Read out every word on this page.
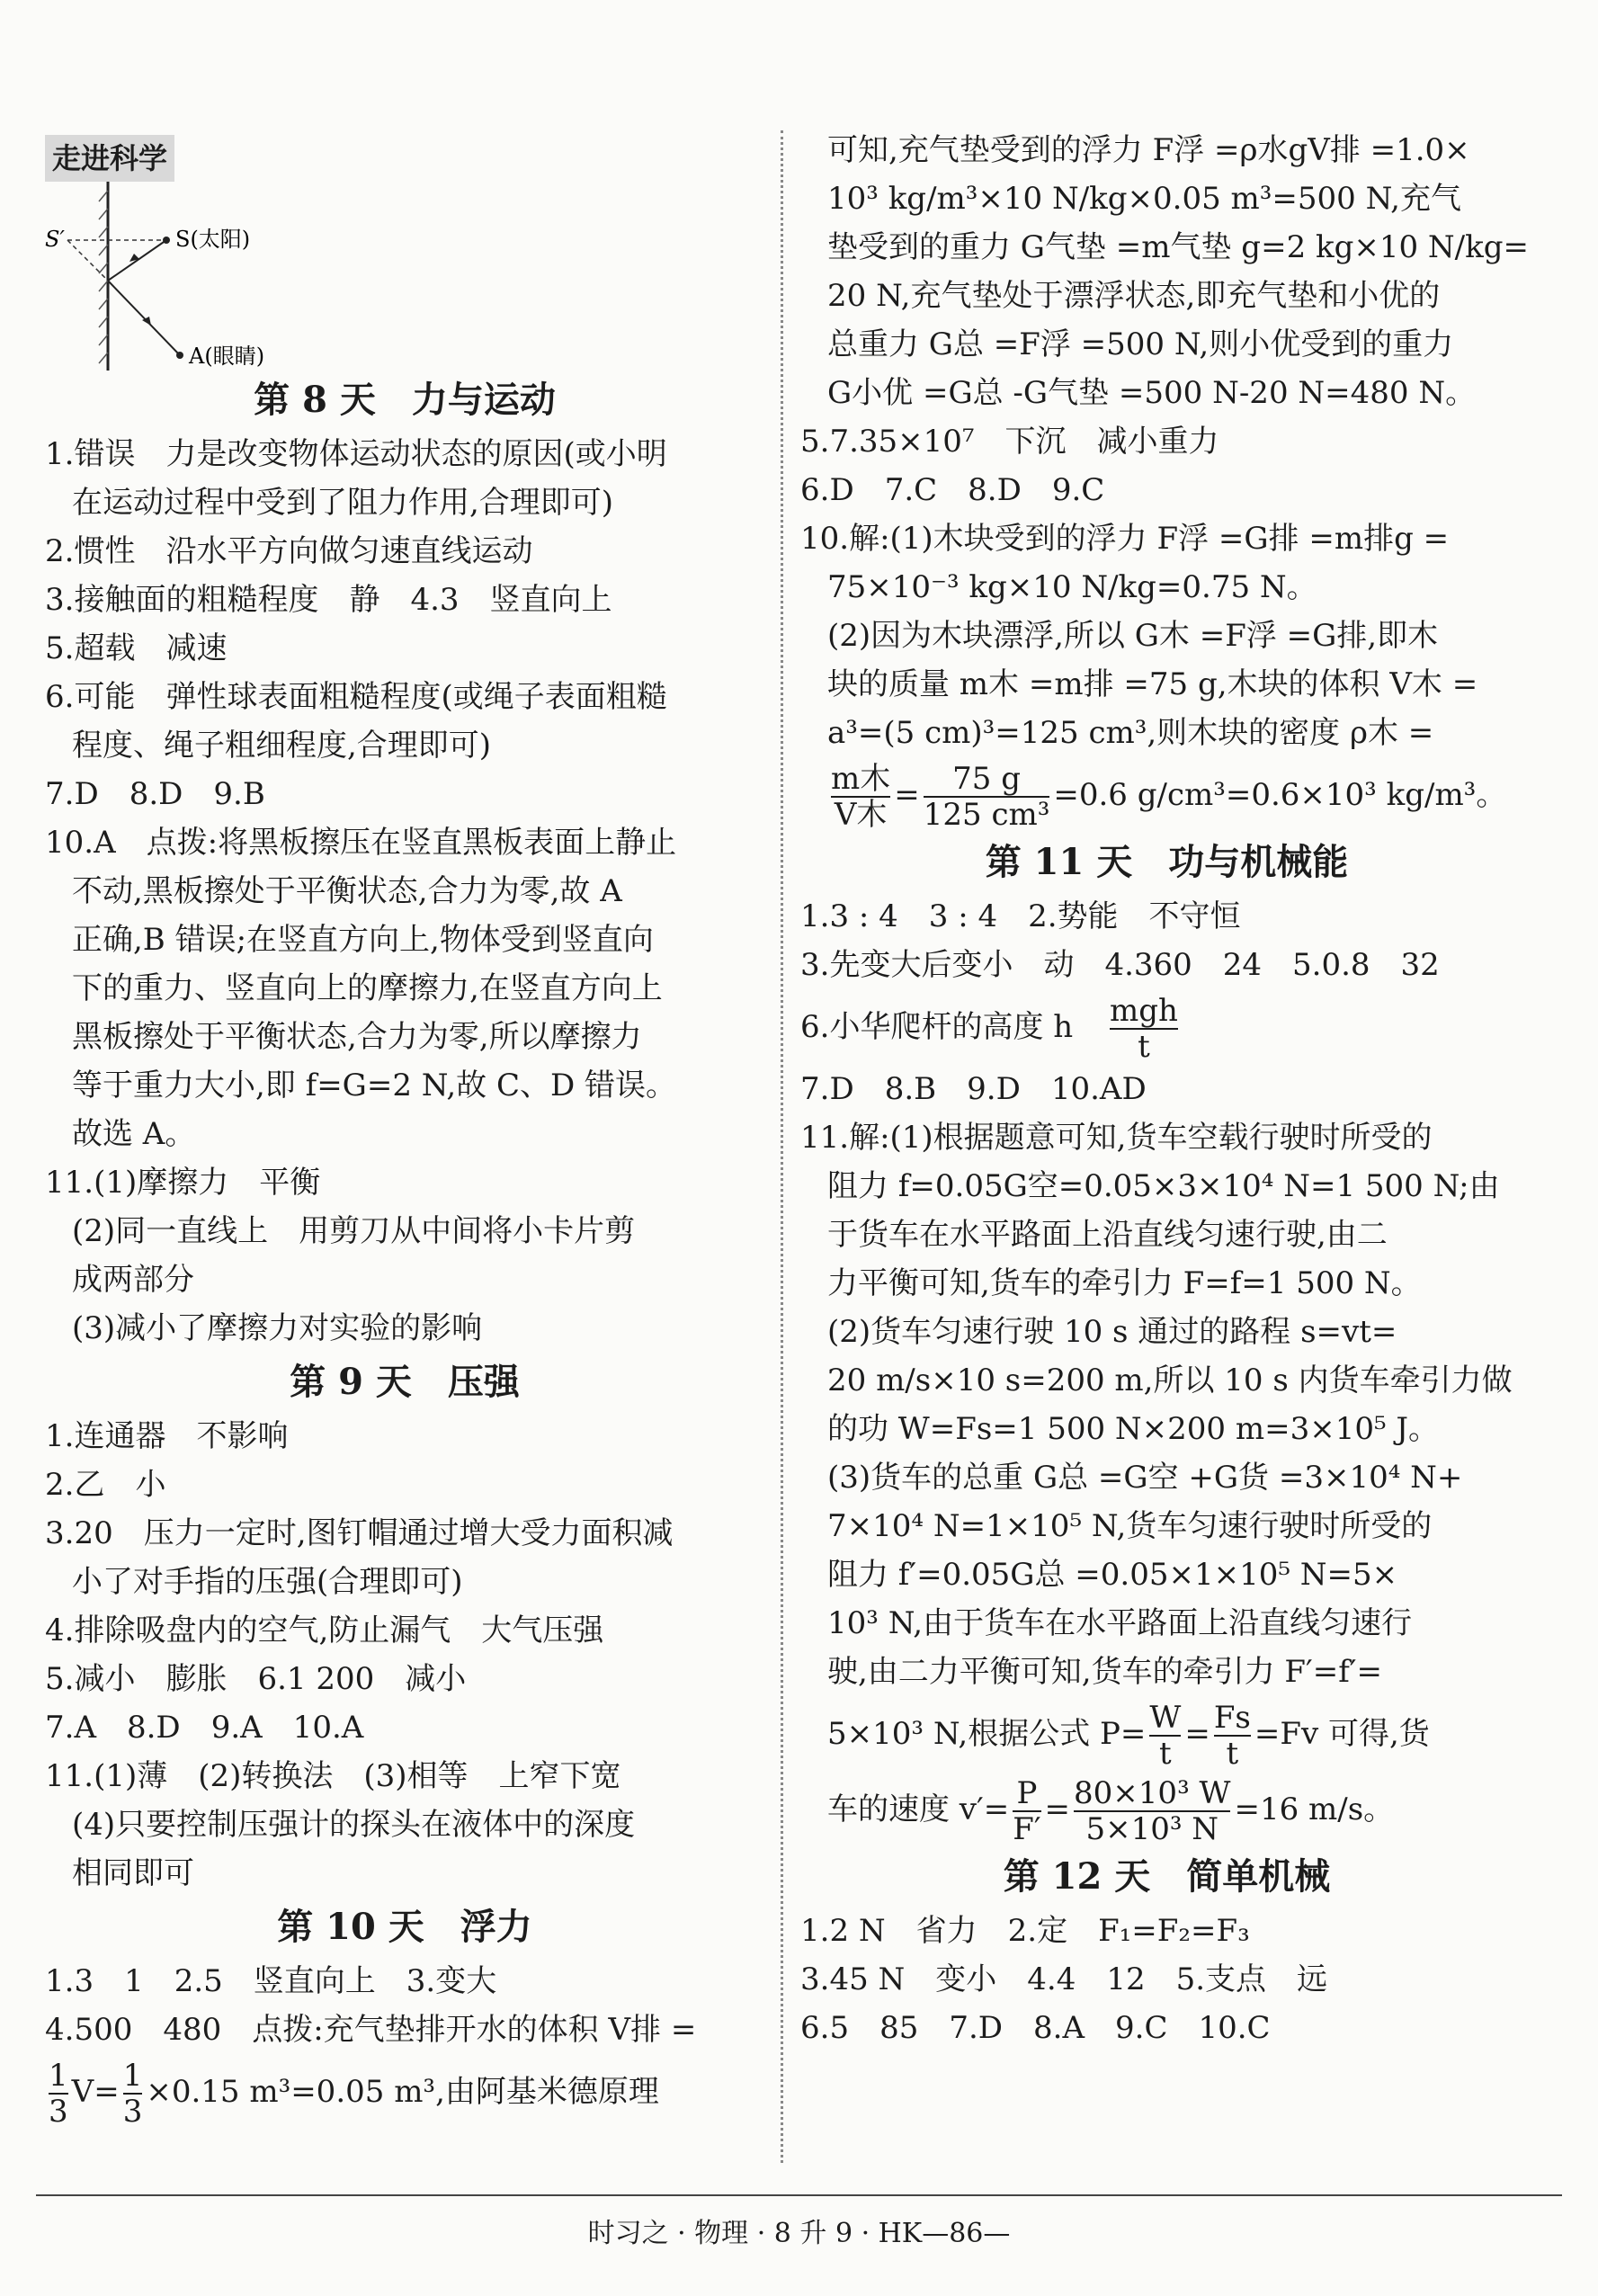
走进科学
S′	S(太阳)
A(眼睛)
第 8 天　力与运动
1.错误　力是改变物体运动状态的原因(或小明
在运动过程中受到了阻力作用,合理即可)
2.惯性　沿水平方向做匀速直线运动
3.接触面的粗糙程度　静　4.3　竖直向上
5.超载　减速
6.可能　弹性球表面粗糙程度(或绳子表面粗糙
程度、绳子粗细程度,合理即可)
7.D　8.D　9.B
10.A　点拨:将黑板擦压在竖直黑板表面上静止
不动,黑板擦处于平衡状态,合力为零,故 A
正确,B 错误;在竖直方向上,物体受到竖直向
下的重力、竖直向上的摩擦力,在竖直方向上
黑板擦处于平衡状态,合力为零,所以摩擦力
等于重力大小,即 f=G=2 N,故 C、D 错误。
故选 A。
11.(1)摩擦力　平衡
(2)同一直线上　用剪刀从中间将小卡片剪
成两部分
(3)减小了摩擦力对实验的影响
第 9 天　压强
1.连通器　不影响
2.乙　小
3.20　压力一定时,图钉帽通过增大受力面积减
小了对手指的压强(合理即可)
4.排除吸盘内的空气,防止漏气　大气压强
5.减小　膨胀　6.1 200　减小
7.A　8.D　9.A　10.A
11.(1)薄　(2)转换法　(3)相等　上窄下宽
(4)只要控制压强计的探头在液体中的深度
相同即可
第 10 天　浮力
1.3　1　2.5　竖直向上　3.变大
4.500　480　点拨:充气垫排开水的体积 V排 =
$\frac{1}{3} V= \frac{1}{3} \times 0.15$ m³=0.05 m³,由阿基米德原理
可知,充气垫受到的浮力 F浮 =ρ水gV排 =1.0×
10³ kg/m³×10 N/kg×0.05 m³=500 N,充气
垫受到的重力 G气垫 =m气垫 g=2 kg×10 N/kg=
20 N,充气垫处于漂浮状态,即充气垫和小优的
总重力 G总 =F浮 =500 N,则小优受到的重力
G小优 =G总 -G气垫 =500 N-20 N=480 N。
5.7.35×10⁷　下沉　减小重力
6.D　7.C　8.D　9.C
10.解:(1)木块受到的浮力 F浮 =G排 =m排g =
75×10⁻³ kg×10 N/kg=0.75 N。
(2)因为木块漂浮,所以 G木 =F浮 =G排,即木
块的质量 m木 =m排 =75 g,木块的体积 V木 =
a³=(5 cm)³=125 cm³,则木块的密度 ρ木 =
$\frac{\text{m木}}{\text{V木}} = \frac{75 g}{\text{125 cm³}} =0.6$ g/cm³=0.6×10³ kg/m³。
第 11 天　功与机械能
1.3 : 4　3 : 4　2.势能　不守恒
3.先变大后变小　动　4.360　24　5.0.8　32
6.小华爬杆的高度 h $\frac{\text{mgh}}{t}$
7.D　8.B　9.D　10.AD
11.解:(1)根据题意可知,货车空载行驶时所受的
阻力 f=0.05G空=0.05×3×10⁴ N=1 500 N;由
于货车在水平路面上沿直线匀速行驶,由二
力平衡可知,货车的牵引力 F=f=1 500 N。
(2)货车匀速行驶 10 s 通过的路程 s=vt=
20 m/s×10 s=200 m,所以 10 s 内货车牵引力做
的功 W=Fs=1 500 N×200 m=3×10⁵ J。
(3)货车的总重 G总 =G空 +G货 =3×10⁴ N+
7×10⁴ N=1×10⁵ N,货车匀速行驶时所受的
阻力 f′=0.05G总 =0.05×1×10⁵ N=5×
10³ N,由于货车在水平路面上沿直线匀速行
驶,由二力平衡可知,货车的牵引力 F′=f′=
5×10³ N,根据公式 $P= \frac{W}{t} = \frac{Fs}{t} =Fv$ 可得,货
车的速度 $v'= \frac{P}{F'} = \frac{\text{80×10³ W}}{\text{5×10³ N}} =16$ m/s。
第 12 天　简单机械
1.2 N　省力　2.定　F₁=F₂=F₃
3.45 N　变小　4.4　12　5.支点　远
6.5　85　7.D　8.A　9.C　10.C
时习之 · 物理 · 8 升 9 · HK—86—
